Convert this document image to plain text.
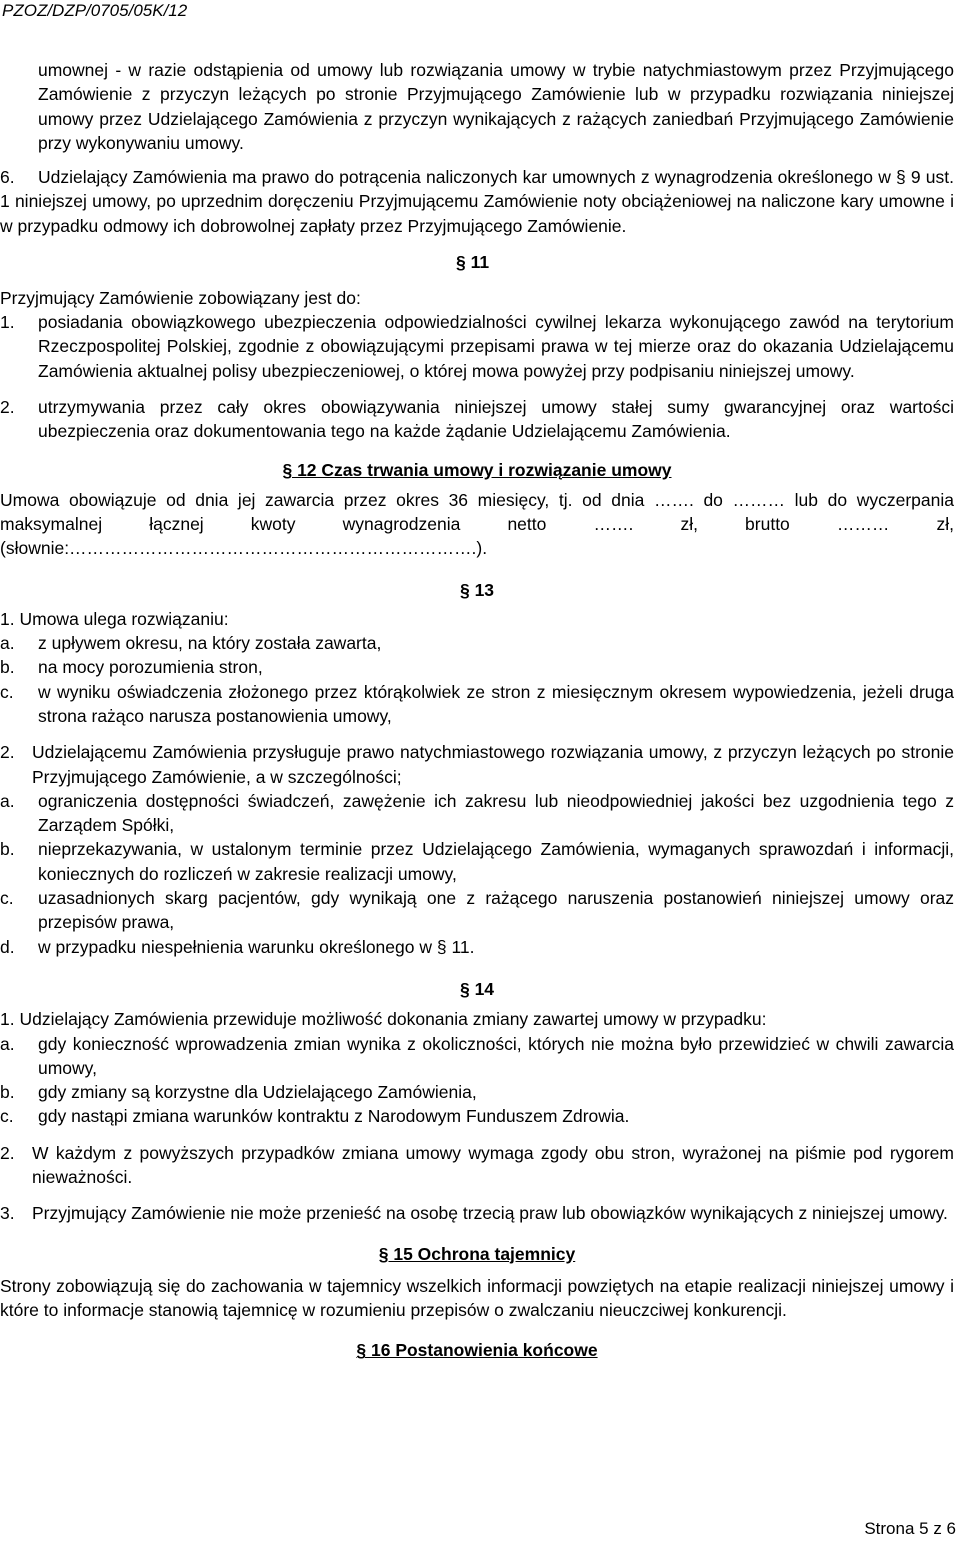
PZOZ/DZP/0705/05K/12

umownej - w razie odstąpienia od umowy lub rozwiązania umowy w trybie natychmiastowym przez Przyjmującego Zamówienie z przyczyn leżących po stronie Przyjmującego Zamówienie lub w przypadku rozwiązania niniejszej umowy przez Udzielającego Zamówienia z przyczyn wynikających z rażących zaniedbań Przyjmującego Zamówienie przy wykonywaniu umowy.

6.	Udzielający Zamówienia ma prawo do potrącenia naliczonych kar umownych z wynagrodzenia określonego w § 9 ust. 1 niniejszej umowy, po uprzednim doręczeniu Przyjmującemu Zamówienie noty obciążeniowej na naliczone kary umowne i w przypadku odmowy ich dobrowolnej zapłaty przez Przyjmującego Zamówienie.

§ 11
Przyjmujący Zamówienie zobowiązany jest do:

1. posiadania obowiązkowego ubezpieczenia odpowiedzialności cywilnej lekarza wykonującego zawód na terytorium Rzeczpospolitej Polskiej, zgodnie z obowiązującymi przepisami prawa w tej mierze oraz do okazania Udzielającemu Zamówienia aktualnej polisy ubezpieczeniowej, o której mowa powyżej przy podpisaniu niniejszej umowy.

2. utrzymywania przez cały okres obowiązywania niniejszej umowy stałej sumy gwarancyjnej oraz wartości ubezpieczenia oraz dokumentowania tego na każde żądanie Udzielającemu Zamówienia.

§ 12 Czas trwania umowy i rozwiązanie umowy

Umowa obowiązuje od dnia jej zawarcia przez okres 36 miesięcy, tj. od dnia ……. do ……… lub do wyczerpania maksymalnej łącznej kwoty wynagrodzenia netto ……. zł, brutto ……… zł, (słownie:…………………………………………………………….).

§ 13
1. Umowa ulega rozwiązaniu:
a. z upływem okresu, na który została zawarta,

b. na mocy porozumienia stron,

c. w wyniku oświadczenia złożonego przez którąkolwiek ze stron z miesięcznym okresem wypowiedzenia, jeżeli druga strona rażąco narusza postanowienia umowy,

2. Udzielającemu Zamówienia przysługuje prawo natychmiastowego rozwiązania umowy, z przyczyn leżących po stronie Przyjmującego Zamówienie, a w szczególności;

a. ograniczenia dostępności świadczeń, zawężenie ich zakresu lub nieodpowiedniej jakości bez uzgodnienia tego z Zarządem Spółki,

b. nieprzekazywania, w ustalonym terminie przez Udzielającego Zamówienia, wymaganych sprawozdań i informacji, koniecznych do rozliczeń w zakresie realizacji umowy,

c. uzasadnionych skarg pacjentów, gdy wynikają one z rażącego naruszenia postanowień niniejszej umowy oraz przepisów prawa,

d. w przypadku niespełnienia warunku określonego w § 11.

§ 14
1. Udzielający Zamówienia przewiduje możliwość dokonania zmiany zawartej umowy w przypadku:
a. gdy konieczność wprowadzenia zmian wynika z okoliczności, których nie można było przewidzieć w chwili zawarcia umowy,

b. gdy zmiany są korzystne dla Udzielającego Zamówienia,

c. gdy nastąpi zmiana warunków kontraktu z Narodowym Funduszem Zdrowia.

2. W każdym z powyższych przypadków zmiana umowy wymaga zgody obu stron, wyrażonej na piśmie pod rygorem nieważności.

3. Przyjmujący Zamówienie nie może przenieść na osobę trzecią praw lub obowiązków wynikających z niniejszej umowy.

§ 15 Ochrona tajemnicy

Strony zobowiązują się do zachowania w tajemnicy wszelkich informacji powziętych na etapie realizacji niniejszej umowy i które to informacje stanowią tajemnicę w rozumieniu przepisów o zwalczaniu nieuczciwej konkurencji.

§ 16 Postanowienia końcowe
Strona 5 z 6
